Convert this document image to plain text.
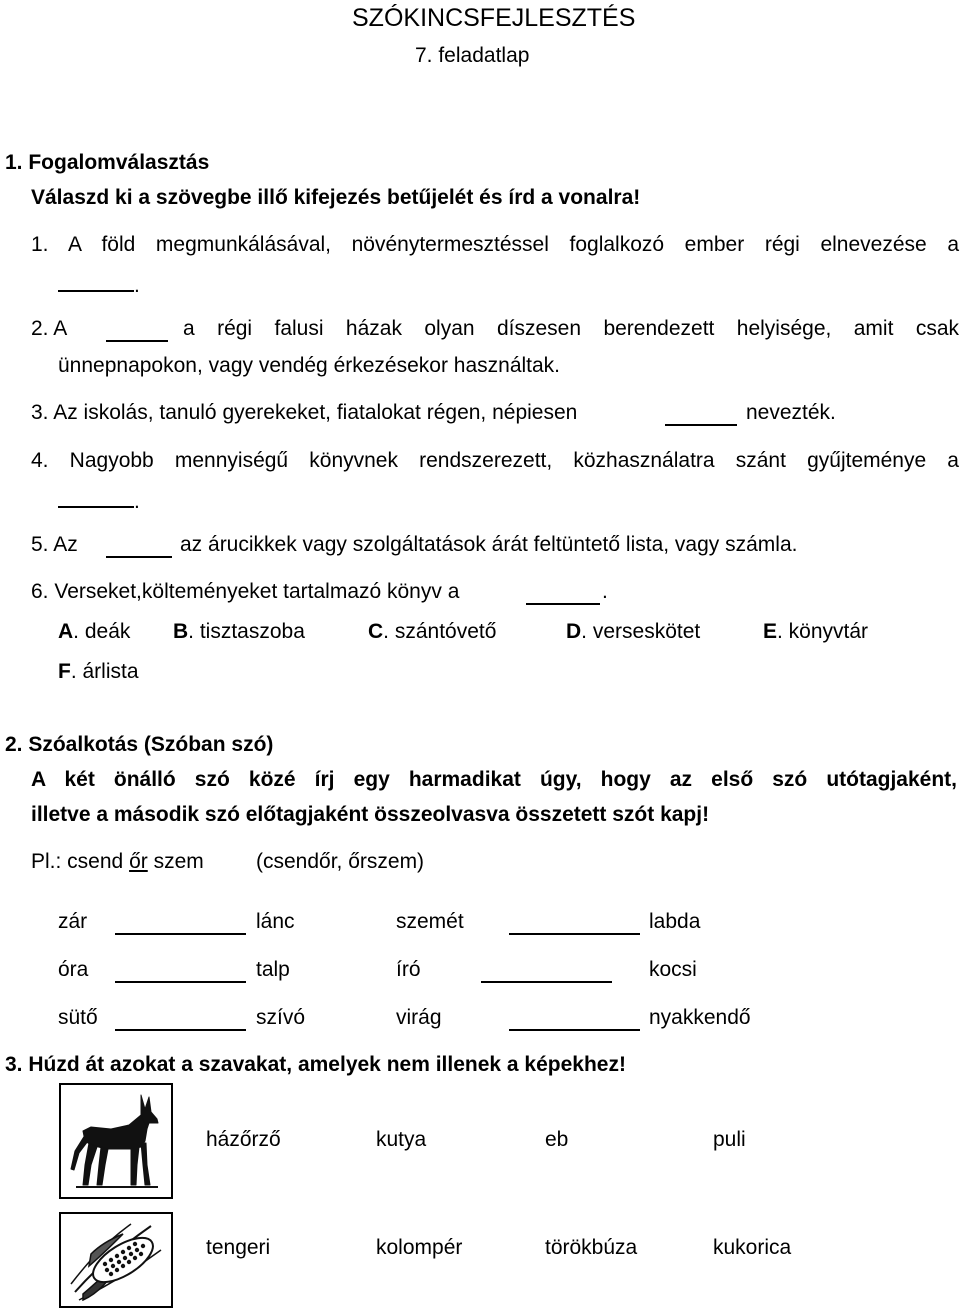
SZÓKINCSFEJLESZTÉS
7. feladatlap
1. Fogalomválasztás
Válaszd ki a szövegbe illő kifejezés betűjelét és írd a vonalra!
1. A föld megmunkálásával, növénytermesztéssel foglalkozó ember régi elnevezése a
.
2. A	a régi falusi házak olyan díszesen berendezett helyisége, amit csak
ünnepnapokon, vagy vendég érkezésekor használtak.
3. Az iskolás, tanuló gyerekeket, fiatalokat régen, népiesen	nevezték.
4. Nagyobb mennyiségű könyvnek rendszerezett, közhasználatra szánt gyűjteménye a
.
5. Az	az árucikkek vagy szolgáltatások árát feltüntető lista, vagy számla.
6. Verseket,költeményeket tartalmazó könyv a	.
A. deák B. tisztaszoba	C. szántóvető	D. verseskötet	E. könyvtár
F. árlista
2. Szóalkotás (Szóban szó)
A két önálló szó közé írj egy harmadikat úgy, hogy az első szó utótagjaként,
illetve a második szó előtagjaként összeolvasva összetett szót kapj!
Pl.: csend őr szem (csendőr, őrszem)
zár	lánc	szemét	labda
óra	talp	író	kocsi
sütő	szívó	virág	nyakkendő
3. Húzd át azokat a szavakat, amelyek nem illenek a képekhez!
házőrző	kutya	eb	puli
tengeri	kolompér	törökbúza	kukorica
